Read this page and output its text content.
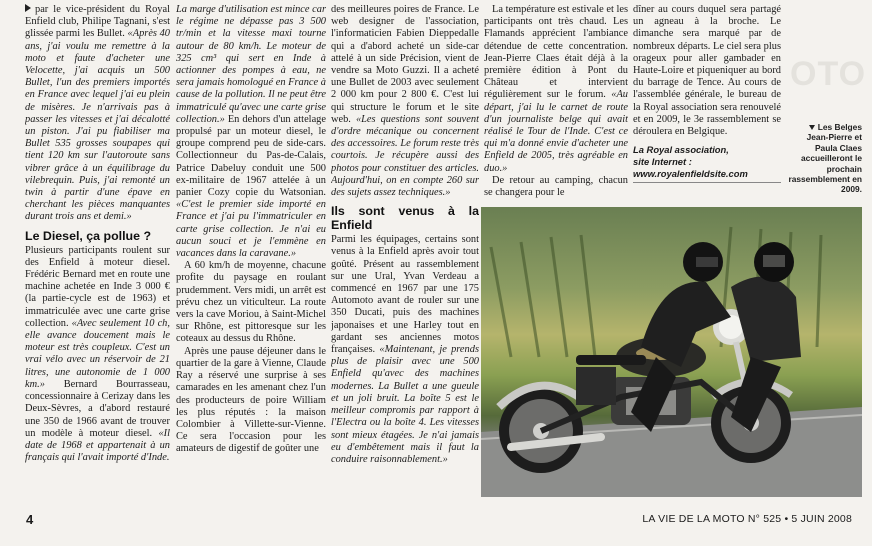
OTO

par le vice-président du Royal Enfield club, Philipe Tagnani, s'est glissée parmi les Bullet. «Après 40 ans, j'ai voulu me remettre à la moto et faute d'acheter une Velocette, j'ai acquis un 500 Bullet, l'un des premiers importés en France avec lequel j'ai eu plein de misères. Je n'arrivais pas à passer les vitesses et j'ai décalotté un piston. J'ai pu fiabiliser ma Bullet 535 grosses soupapes qui tient 120 km sur l'autoroute sans vibrer grâce à un équilibrage du vilebrequin. Puis, j'ai remonté un twin à partir d'une épave en cherchant les pièces manquantes durant trois ans et demi.»

Le Diesel, ça pollue ?

Plusieurs participants roulent sur des Enfield à moteur diesel. Frédéric Bernard met en route une machine achetée en Inde 3 000 € (la partie-cycle est de 1963) et immatriculée avec une carte grise collection. «Avec seulement 10 ch, elle avance doucement mais le moteur est très coupleux. C'est un vrai vélo avec un réservoir de 21 litres, une autonomie de 1 000 km.» Bernard Bourrasseau, concessionnaire à Cerizay dans les Deux-Sèvres, a d'abord restauré une 350 de 1966 avant de trouver un modèle à moteur diesel. «Il date de 1968 et appartenait à un français qui l'avait importé d'Inde.

La marge d'utilisation est mince car le régime ne dépasse pas 3 500 tr/min et la vitesse maxi tourne autour de 80 km/h. Le moteur de 325 cm³ qui sert en Inde à actionner des pompes à eau, ne sera jamais homologué en France à cause de la pollution. Il ne peut être immatriculé qu'avec une carte grise collection.» En dehors d'un attelage propulsé par un moteur diesel, le groupe comprend peu de side-cars. Collectionneur du Pas-de-Calais, Patrice Dabeluy conduit une 500 ex-militaire de 1967 attelée à un panier Cozy copie du Watsonian. «C'est le premier side importé en France et j'ai pu l'immatriculer en carte grise collection. Je n'ai eu aucun souci et je l'emmène en vacances dans la caravane.»

A 60 km/h de moyenne, chacune profite du paysage en roulant prudemment. Vers midi, un arrêt est prévu chez un viticulteur. La route vers la cave Moriou, à Saint-Michel sur Rhône, est pittoresque sur les coteaux au dessus du Rhône.

Après une pause déjeuner dans le quartier de la gare à Vienne, Claude Ray a réservé une surprise à ses camarades en les amenant chez l'un des producteurs de poire William les plus réputés : la maison Colombier à Villette-sur-Vienne. Ce sera l'occasion pour les amateurs de digestif de goûter une

des meilleures poires de France. Le web designer de l'association, l'informaticien Fabien Dieppedalle qui a d'abord acheté un side-car attelé à un side Précision, vient de vendre sa Moto Guzzi. Il a acheté une Bullet de 2003 avec seulement 2 000 km pour 2 800 €. C'est lui qui structure le forum et le site web. «Les questions sont souvent d'ordre mécanique ou concernent des accessoires. Le forum reste très courtois. Je récupère aussi des photos pour constituer des articles. Aujourd'hui, on en compte 260 sur des sujets assez techniques.»

Ils sont venus à la Enfield

Parmi les équipages, certains sont venus à la Enfield après avoir tout goûté. Présent au rassemblement sur une Ural, Yvan Verdeau a commencé en 1967 par une 175 Automoto avant de rouler sur une 350 Ducati, puis des machines japonaises et une Harley tout en gardant ses anciennes motos françaises. «Maintenant, je prends plus de plaisir avec une 500 Enfield qu'avec des machines modernes. La Bullet a une gueule et un joli bruit. La boîte 5 est le meilleur compromis par rapport à l'Electra ou la boîte 4. Les vitesses sont mieux étagées. Je n'ai jamais eu d'embêtement mais il faut la conduire raisonnablement.»

La température est estivale et les participants ont très chaud. Les Flamands apprécient l'ambiance détendue de cette concentration. Jean-Pierre Claes était déjà à la première édition à Pont du Château et intervient régulièrement sur le forum. «Au départ, j'ai lu le carnet de route d'un journaliste belge qui avait réalisé le Tour de l'Inde. C'est ce qui m'a donné envie d'acheter une Enfield de 2005, très agréable en duo.»

De retour au camping, chacun se changera pour le

dîner au cours duquel sera partagé un agneau à la broche. Le dimanche sera marqué par de nombreux départs. Le ciel sera plus orageux pour aller gambader en Haute-Loire et piqueniquer au bord du barrage de Tence. Au cours de l'assemblée générale, le bureau de la Royal association sera renouvelé et en 2009, le 3e rassemblement se déroulera en Belgique.

La Royal association,
site Internet :

www.royalenfieldsite.com
Les Belges Jean-Pierre et Paula Claes accueilleront le prochain rassemblement en 2009.
4	LA VIE DE LA MOTO N° 525 • 5 JUIN 2008
